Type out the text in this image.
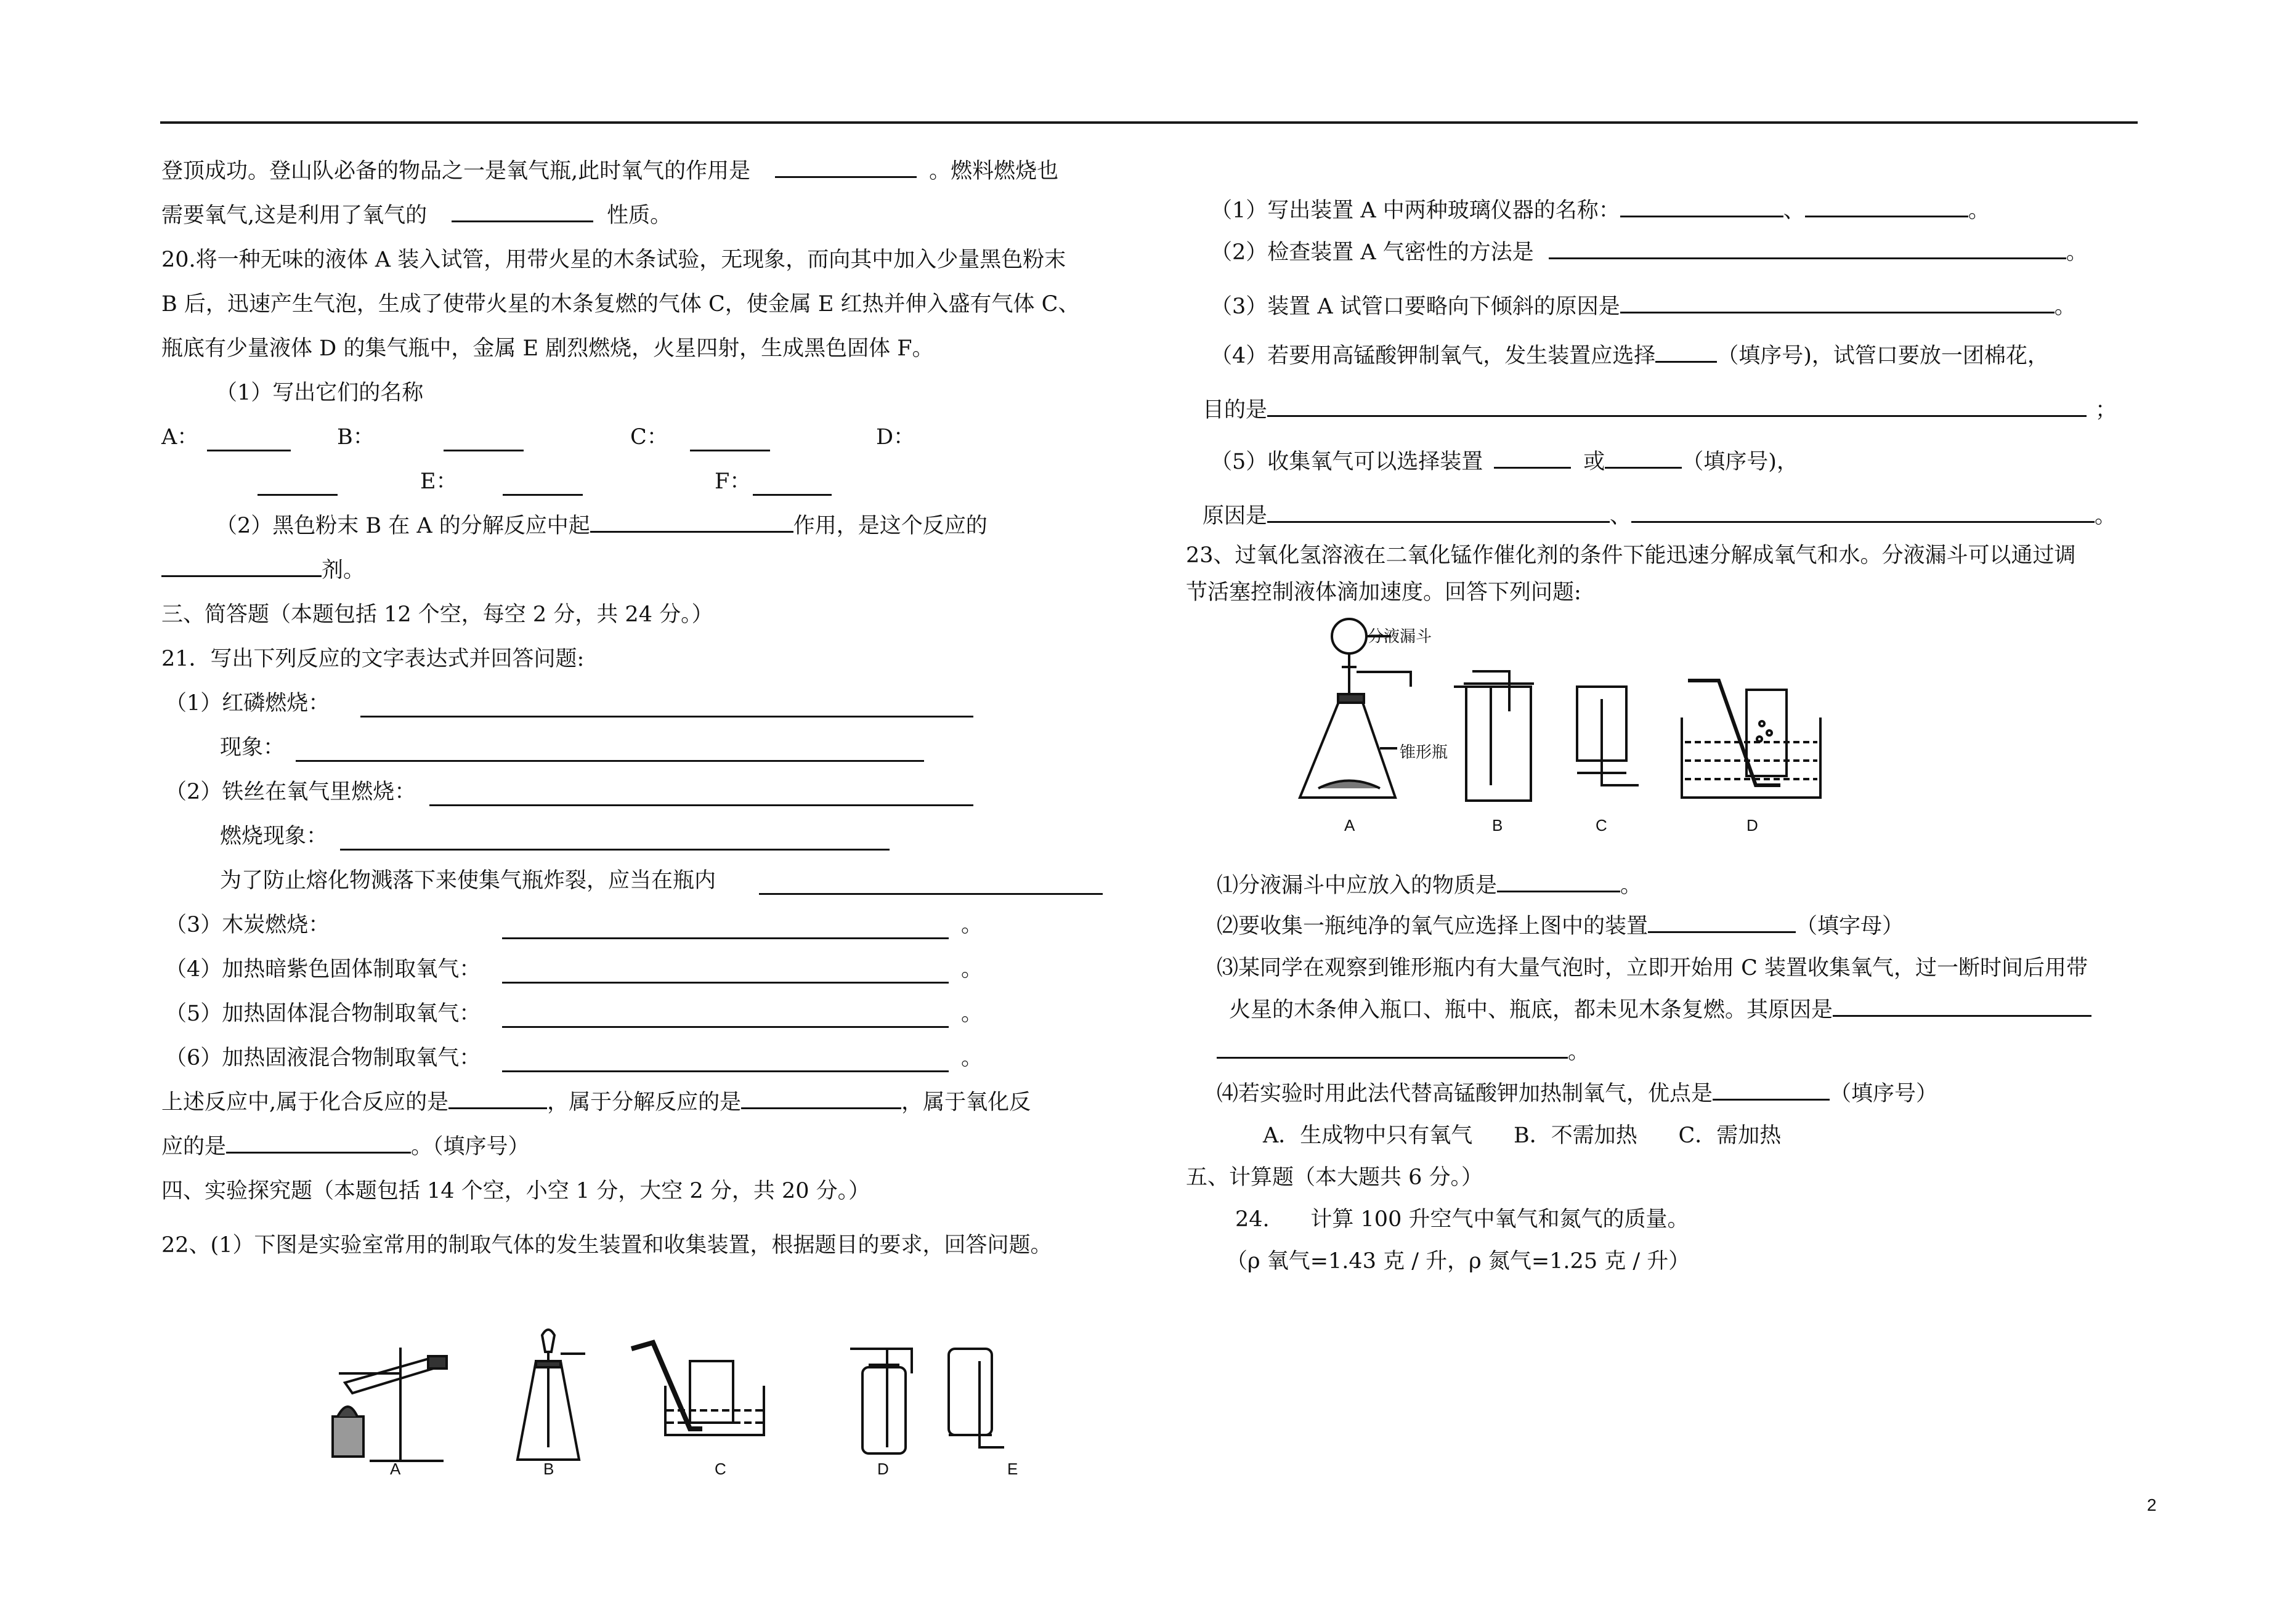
登顶成功。登山队必备的物品之一是氧气瓶,此时氧气的作用是	。燃料燃烧也
需要氧气,这是利用了氧气的	性质。
20.将一种无味的液体 A 装入试管，用带火星的木条试验，无现象，而向其中加入少量黑色粉末
B 后，迅速产生气泡，生成了使带火星的木条复燃的气体 C，使金属 E 红热并伸入盛有气体 C、
瓶底有少量液体 D 的集气瓶中，金属 E 剧烈燃烧，火星四射，生成黑色固体 F。
（1）写出它们的名称
A：	B：	C：	D：
E：	F：
（2）黑色粉末 B 在 A 的分解反应中起	作用，是这个反应的
剂。
三、简答题（本题包括 12 个空，每空 2 分，共 24 分。）
21．写出下列反应的文字表达式并回答问题:
（1）红磷燃烧：
现象：
（2）铁丝在氧气里燃烧：
燃烧现象：
为了防止熔化物溅落下来使集气瓶炸裂，应当在瓶内
（3）木炭燃烧：	。
（4）加热暗紫色固体制取氧气：	。
（5）加热固体混合物制取氧气：	。
（6）加热固液混合物制取氧气：	。
上述反应中,属于化合反应的是	，属于分解反应的是	，属于氧化反
应的是	。（填序号）
四、实验探究题（本题包括 14 个空，小空 1 分，大空 2 分，共 20 分。）
22、(1）下图是实验室常用的制取气体的发生装置和收集装置，根据题目的要求，回答问题。
A	B	C	D	E
（1）写出装置 A 中两种玻璃仪器的名称：	、	。
（2）检查装置 A 气密性的方法是	。
（3）装置 A 试管口要略向下倾斜的原因是	。
（4）若要用高锰酸钾制氧气，发生装置应选择	（填序号)，试管口要放一团棉花，
目的是	；
（5）收集氧气可以选择装置	或	（填序号)，
原因是	、	。
23、过氧化氢溶液在二氧化锰作催化剂的条件下能迅速分解成氧气和水。分液漏斗可以通过调
节活塞控制液体滴加速度。回答下列问题:
分液漏斗
锥形瓶
A	B	C	D
⑴分液漏斗中应放入的物质是	。
⑵要收集一瓶纯净的氧气应选择上图中的装置	（填字母）
⑶某同学在观察到锥形瓶内有大量气泡时，立即开始用 C 装置收集氧气，过一断时间后用带
火星的木条伸入瓶口、瓶中、瓶底，都未见木条复燃。其原因是
。
⑷若实验时用此法代替高锰酸钾加热制氧气，优点是	（填序号）
A．生成物中只有氧气      B．不需加热      C．需加热
五、计算题（本大题共 6 分。）
24.      计算 100 升空气中氧气和氮气的质量。
（ρ 氧气=1.43 克 / 升，ρ 氮气=1.25 克 / 升）
2
